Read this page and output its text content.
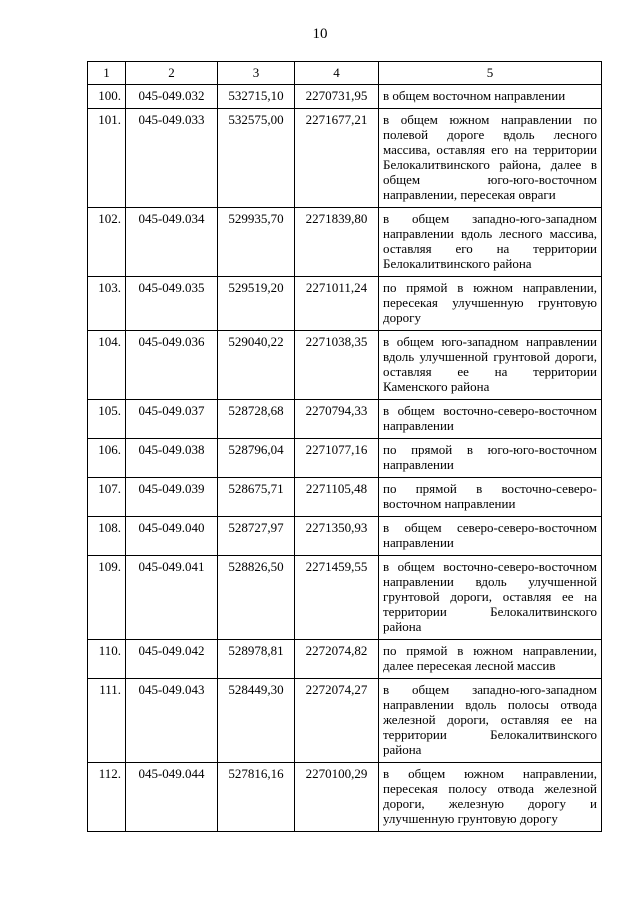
10
1	2	3	4	5
100.	045-049.032	532715,10	2270731,95	в общем восточном направлении
101.	045-049.033	532575,00	2271677,21	в общем южном направлении по полевой дороге вдоль лесного массива, оставляя его на территории Белокалитвинского района, далее в общем юго-юго-восточном направлении, пересекая овраги
102.	045-049.034	529935,70	2271839,80	в общем западно-юго-западном направлении вдоль лесного массива, оставляя его на территории Белокалитвинского района
103.	045-049.035	529519,20	2271011,24	по прямой в южном направлении, пересекая улучшенную грунтовую дорогу
104.	045-049.036	529040,22	2271038,35	в общем юго-западном направлении вдоль улучшенной грунтовой дороги, оставляя ее на территории Каменского района
105.	045-049.037	528728,68	2270794,33	в общем восточно-северо-восточном направлении
106.	045-049.038	528796,04	2271077,16	по прямой в юго-юго-восточном направлении
107.	045-049.039	528675,71	2271105,48	по прямой в восточно-северо-восточном направлении
108.	045-049.040	528727,97	2271350,93	в общем северо-северо-восточном направлении
109.	045-049.041	528826,50	2271459,55	в общем восточно-северо-восточном направлении вдоль улучшенной грунтовой дороги, оставляя ее на территории Белокалитвинского района
110.	045-049.042	528978,81	2272074,82	по прямой в южном направлении, далее пересекая лесной массив
111.	045-049.043	528449,30	2272074,27	в общем западно-юго-западном направлении вдоль полосы отвода железной дороги, оставляя ее на территории Белокалитвинского района
112.	045-049.044	527816,16	2270100,29	в общем южном направлении, пересекая полосу отвода железной дороги, железную дорогу и улучшенную грунтовую дорогу
